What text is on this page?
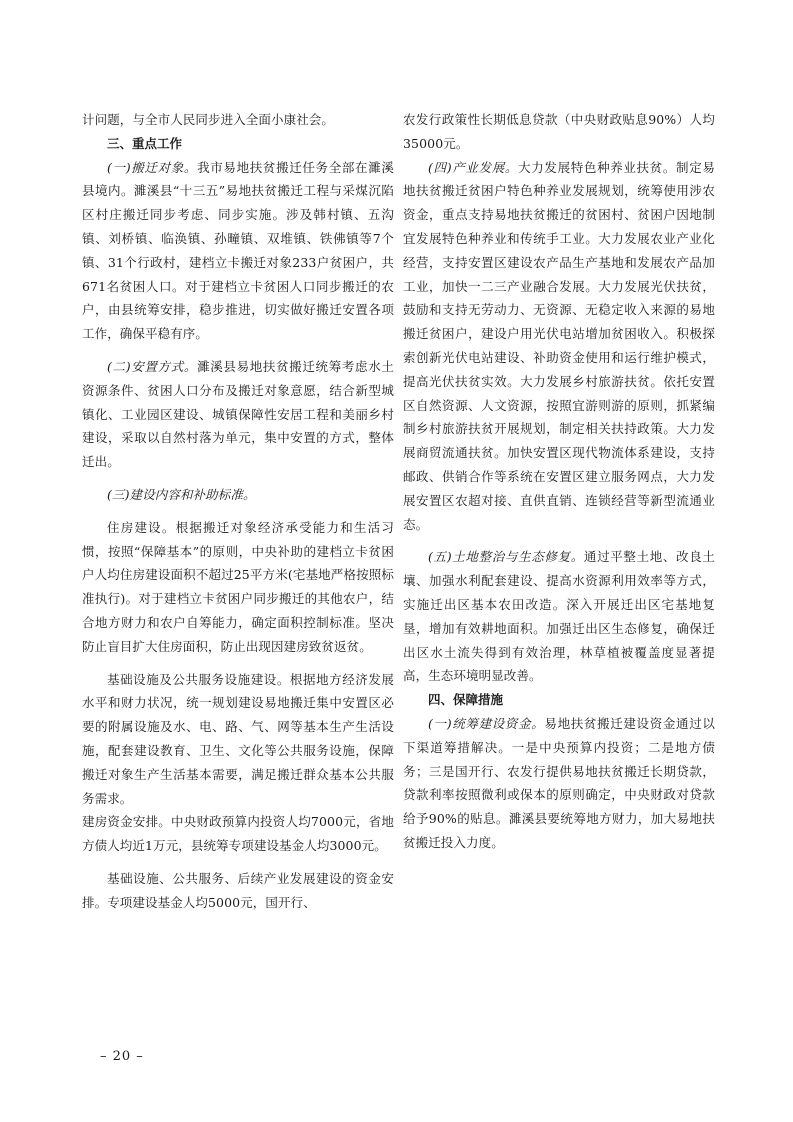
计问题，与全市人民同步进入全面小康社会。

三、重点工作

(一)搬迁对象。我市易地扶贫搬迁任务全部在濉溪县境内。濉溪县“十三五”易地扶贫搬迁工程与采煤沉陷区村庄搬迁同步考虑、同步实施。涉及韩村镇、五沟镇、刘桥镇、临涣镇、孙疃镇、双堆镇、铁佛镇等7个镇、31个行政村，建档立卡搬迁对象233户贫困户，共671名贫困人口。对于建档立卡贫困人口同步搬迁的农户，由县统筹安排，稳步推进，切实做好搬迁安置各项工作，确保平稳有序。

(二)安置方式。濉溪县易地扶贫搬迁统筹考虑水土资源条件、贫困人口分布及搬迁对象意愿，结合新型城镇化、工业园区建设、城镇保障性安居工程和美丽乡村建设，采取以自然村落为单元，集中安置的方式，整体迁出。

(三)建设内容和补助标准。

住房建设。根据搬迁对象经济承受能力和生活习惯，按照“保障基本”的原则，中央补助的建档立卡贫困户人均住房建设面积不超过25平方米(宅基地严格按照标准执行)。对于建档立卡贫困户同步搬迁的其他农户，结合地方财力和农户自筹能力，确定面积控制标准。坚决防止盲目扩大住房面积，防止出现因建房致贫返贫。

基础设施及公共服务设施建设。根据地方经济发展水平和财力状况，统一规划建设易地搬迁集中安置区必要的附属设施及水、电、路、气、网等基本生产生活设施，配套建设教育、卫生、文化等公共服务设施，保障搬迁对象生产生活基本需要，满足搬迁群众基本公共服务需求。

建房资金安排。中央财政预算内投资人均7000元，省地方债人均近1万元，县统筹专项建设基金人均3000元。

基础设施、公共服务、后续产业发展建设的资金安排。专项建设基金人均5000元，国开行、

农发行政策性长期低息贷款（中央财政贴息90%）人均35000元。

(四)产业发展。大力发展特色种养业扶贫。制定易地扶贫搬迁贫困户特色种养业发展规划，统筹使用涉农资金，重点支持易地扶贫搬迁的贫困村、贫困户因地制宜发展特色种养业和传统手工业。大力发展农业产业化经营，支持安置区建设农产品生产基地和发展农产品加工业，加快一二三产业融合发展。大力发展光伏扶贫，鼓励和支持无劳动力、无资源、无稳定收入来源的易地搬迁贫困户，建设户用光伏电站增加贫困收入。积极探索创新光伏电站建设、补助资金使用和运行维护模式，提高光伏扶贫实效。大力发展乡村旅游扶贫。依托安置区自然资源、人文资源，按照宜游则游的原则，抓紧编制乡村旅游扶贫开展规划，制定相关扶持政策。大力发展商贸流通扶贫。加快安置区现代物流体系建设，支持邮政、供销合作等系统在安置区建立服务网点，大力发展安置区农超对接、直供直销、连锁经营等新型流通业态。

(五)土地整治与生态修复。通过平整土地、改良土壤、加强水利配套建设、提高水资源利用效率等方式，实施迁出区基本农田改造。深入开展迁出区宅基地复垦，增加有效耕地面积。加强迁出区生态修复，确保迁出区水土流失得到有效治理，林草植被覆盖度显著提高，生态环境明显改善。

四、保障措施

(一)统筹建设资金。易地扶贫搬迁建设资金通过以下渠道筹措解决。一是中央预算内投资；二是地方债务；三是国开行、农发行提供易地扶贫搬迁长期贷款，贷款利率按照微利或保本的原则确定，中央财政对贷款给予90%的贴息。濉溪县要统筹地方财力，加大易地扶贫搬迁投入力度。

– 20 –
